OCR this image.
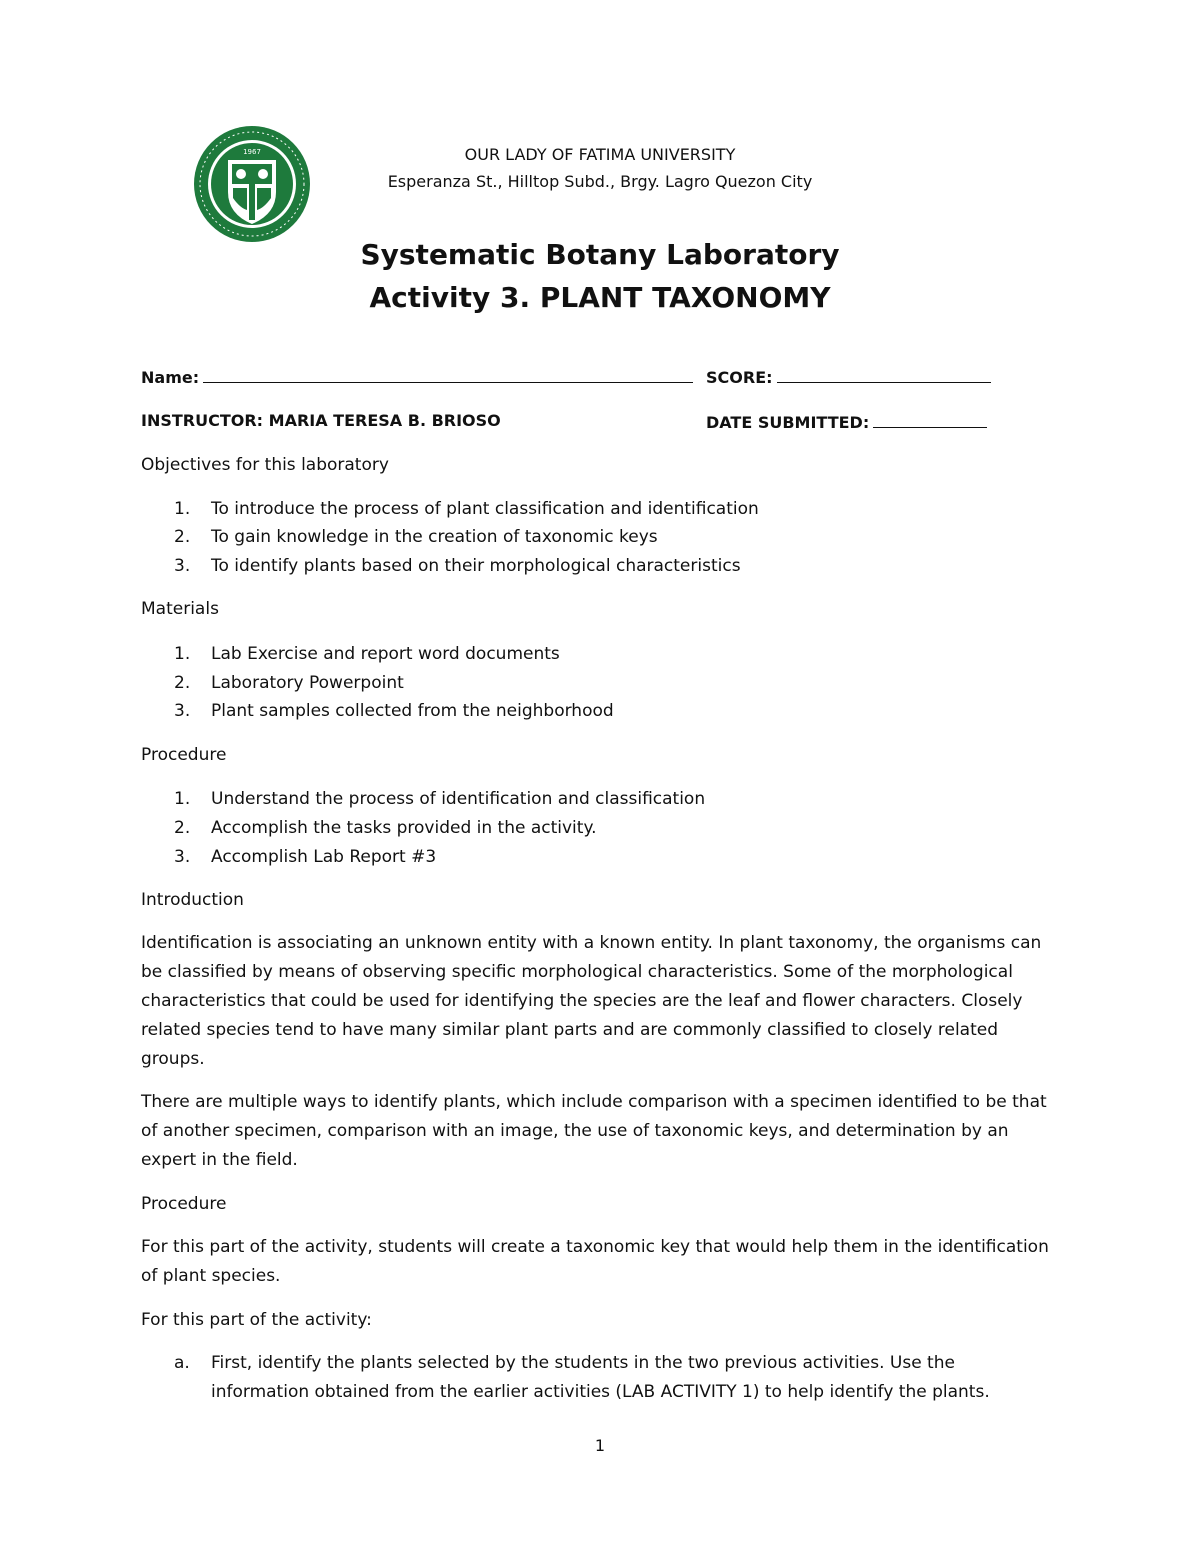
1967	OUR LADY OF FATIMA UNIVERSITY
Esperanza St., Hilltop Subd., Brgy. Lagro Quezon City
Systematic Botany Laboratory
Activity 3. PLANT TAXONOMY
Name:	SCORE:
INSTRUCTOR: MARIA TERESA B. BRIOSO	DATE SUBMITTED:
Objectives for this laboratory
1. To introduce the process of plant classification and identification
2. To gain knowledge in the creation of taxonomic keys
3. To identify plants based on their morphological characteristics
Materials
1. Lab Exercise and report word documents
2. Laboratory Powerpoint
3. Plant samples collected from the neighborhood
Procedure
1. Understand the process of identification and classification
2. Accomplish the tasks provided in the activity.
3. Accomplish Lab Report #3
Introduction
Identification is associating an unknown entity with a known entity. In plant taxonomy, the organisms can be classified by means of observing specific morphological characteristics. Some of the morphological characteristics that could be used for identifying the species are the leaf and flower characters. Closely related species tend to have many similar plant parts and are commonly classified to closely related groups.
There are multiple ways to identify plants, which include comparison with a specimen identified to be that of another specimen, comparison with an image, the use of taxonomic keys, and determination by an expert in the field.
Procedure
For this part of the activity, students will create a taxonomic key that would help them in the identification of plant species.
For this part of the activity:
a.	First, identify the plants selected by the students in the two previous activities. Use the information obtained from the earlier activities (LAB ACTIVITY 1) to help identify the plants.
1
